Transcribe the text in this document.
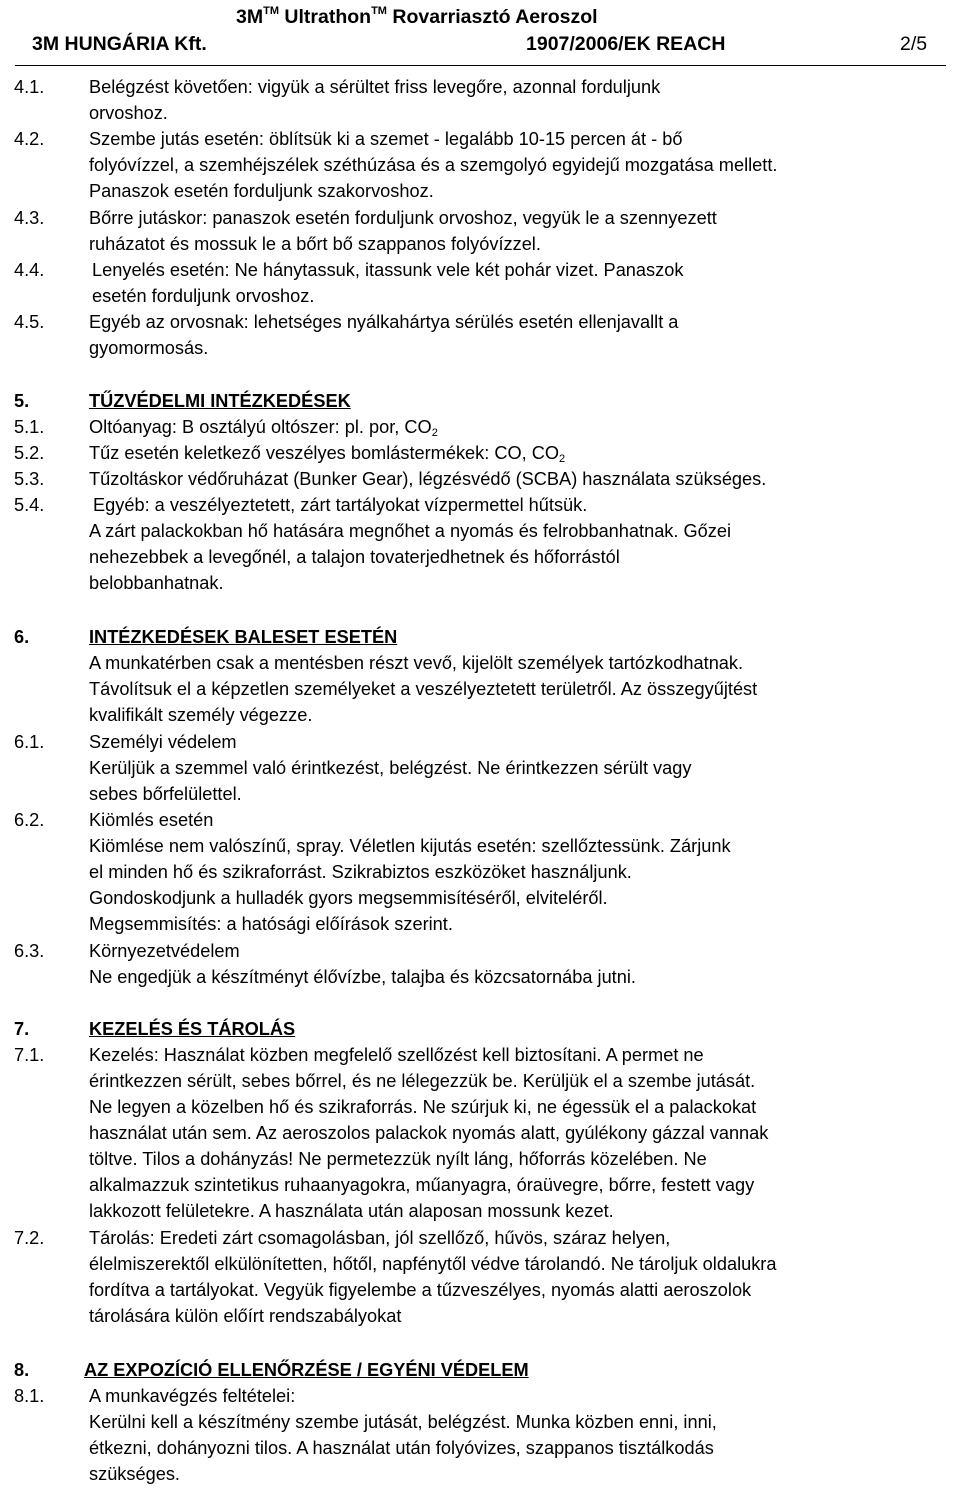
3M™ Ultrathon™ Rovarriasztó Aeroszol
3M HUNGÁRIA Kft.	1907/2006/EK REACH	2/5
4.1. Belégzést követően: vigyük a sérültet friss levegőre, azonnal forduljunk
orvoshoz.
4.2. Szembe jutás esetén: öblítsük ki a szemet - legalább 10-15 percen át - bő
folyóvízzel, a szemhéjszélek széthúzása és a szemgolyó egyidejű mozgatása mellett.
Panaszok esetén forduljunk szakorvoshoz.
4.3. Bőrre jutáskor: panaszok esetén forduljunk orvoshoz, vegyük le a szennyezett
ruházatot és mossuk le a bőrt bő szappanos folyóvízzel.
4.4.	Lenyelés esetén: Ne hánytassuk, itassunk vele két pohár vizet. Panaszok
esetén forduljunk orvoshoz.
4.5. Egyéb az orvosnak: lehetséges nyálkahártya sérülés esetén ellenjavallt a
gyomormosás.
5.	TŰZVÉDELMI INTÉZKEDÉSEK
5.1. Oltóanyag: B osztályú oltószer: pl. por, $CO_2$
5.2. Tűz esetén keletkező veszélyes bomlástermékek: CO, $CO_2$
5.3. Tűzoltáskor védőruházat (Bunker Gear), légzésvédő (SCBA) használata szükséges.
5.4.	Egyéb: a veszélyeztetett, zárt tartályokat vízpermettel hűtsük.
A zárt palackokban hő hatására megnőhet a nyomás és felrobbanhatnak. Gőzei
nehezebbek a levegőnél, a talajon tovaterjedhetnek és hőforrástól
belobbanhatnak.
6.	INTÉZKEDÉSEK BALESET ESETÉN
A munkatérben csak a mentésben részt vevő, kijelölt személyek tartózkodhatnak.
Távolítsuk el a képzetlen személyeket a veszélyeztetett területről. Az összegyűjtést
kvalifikált személy végezze.
6.1. Személyi védelem
Kerüljük a szemmel való érintkezést, belégzést. Ne érintkezzen sérült vagy
sebes bőrfelülettel.
6.2. Kiömlés esetén
Kiömlése nem valószínű, spray. Véletlen kijutás esetén: szellőztessünk. Zárjunk
el minden hő és szikraforrást. Szikrabiztos eszközöket használjunk.
Gondoskodjunk a hulladék gyors megsemmisítéséről, elviteléről.
Megsemmisítés: a hatósági előírások szerint.
6.3. Környezetvédelem
Ne engedjük a készítményt élővízbe, talajba és közcsatornába jutni.
7.	KEZELÉS ÉS TÁROLÁS
7.1. Kezelés: Használat közben megfelelő szellőzést kell biztosítani. A permet ne
érintkezzen sérült, sebes bőrrel, és ne lélegezzük be. Kerüljük el a szembe jutását.
Ne legyen a közelben hő és szikraforrás. Ne szúrjuk ki, ne égessük el a palackokat
használat után sem. Az aeroszolos palackok nyomás alatt, gyúlékony gázzal vannak
töltve. Tilos a dohányzás! Ne permetezzük nyílt láng, hőforrás közelében. Ne
alkalmazzuk szintetikus ruhaanyagokra, műanyagra, óraüvegre, bőrre, festett vagy
lakkozott felületekre. A használata után alaposan mossunk kezet.
7.2. Tárolás: Eredeti zárt csomagolásban, jól szellőző, hűvös, száraz helyen,
élelmiszerektől elkülönítetten, hőtől, napfénytől védve tárolandó. Ne tároljuk oldalukra
fordítva a tartályokat. Vegyük figyelembe a tűzveszélyes, nyomás alatti aeroszolok
tárolására külön előírt rendszabályokat
8.	AZ EXPOZÍCIÓ ELLENŐRZÉSE / EGYÉNI VÉDELEM
8.1. A munkavégzés feltételei:
Kerülni kell a készítmény szembe jutását, belégzést. Munka közben enni, inni,
étkezni, dohányozni tilos. A használat után folyóvizes, szappanos tisztálkodás
szükséges.
